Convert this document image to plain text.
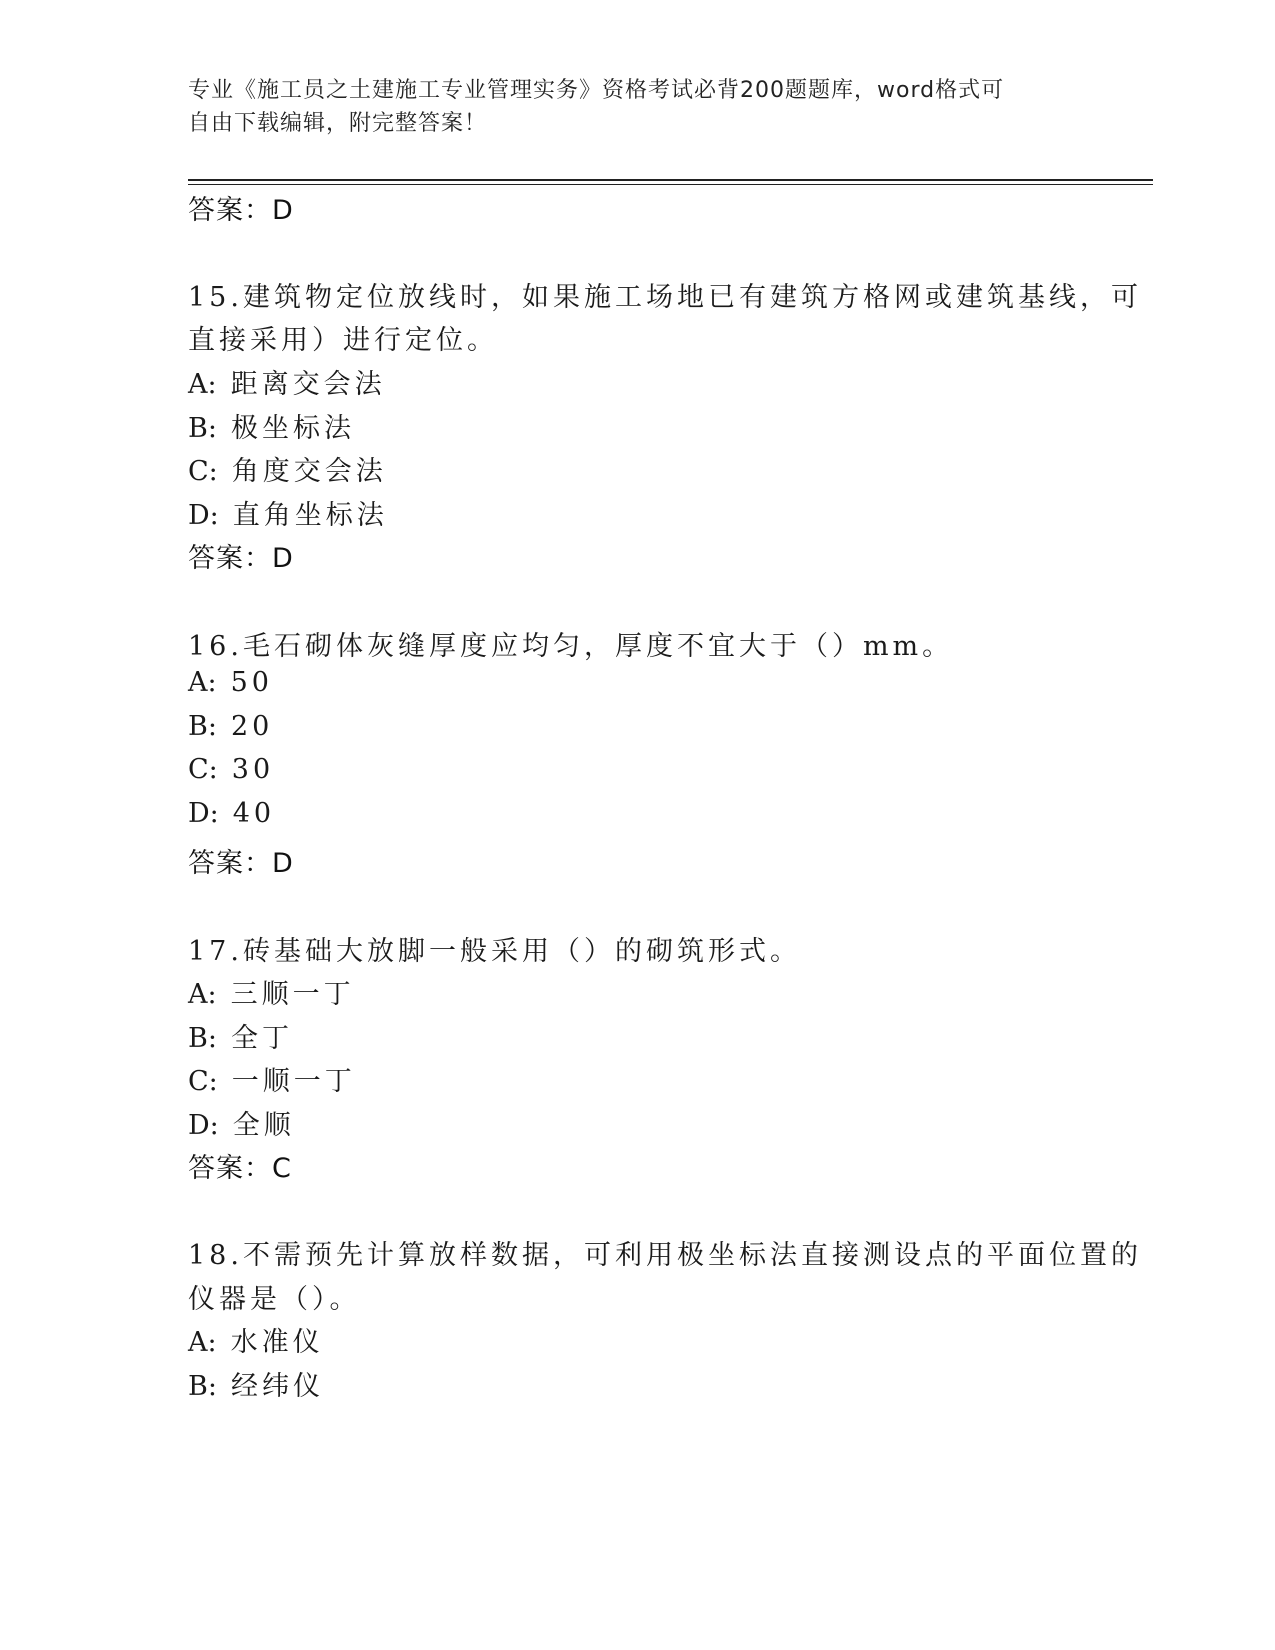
专业《施工员之土建施工专业管理实务》资格考试必背200题题库，word格式可
自由下载编辑，附完整答案！
答案：D
15.建筑物定位放线时，如果施工场地已有建筑方格网或建筑基线，可
直接采用）进行定位。
A: 距离交会法
B: 极坐标法
C: 角度交会法
D: 直角坐标法
答案：D
16.毛石砌体灰缝厚度应均匀，厚度不宜大于（）mm。
A: 50
B: 20
C: 30
D: 40
答案：D
17.砖基础大放脚一般采用（）的砌筑形式。
A: 三顺一丁
B: 全丁
C: 一顺一丁
D: 全顺
答案：C
18.不需预先计算放样数据，可利用极坐标法直接测设点的平面位置的
仪器是（）。
A: 水准仪
B: 经纬仪
